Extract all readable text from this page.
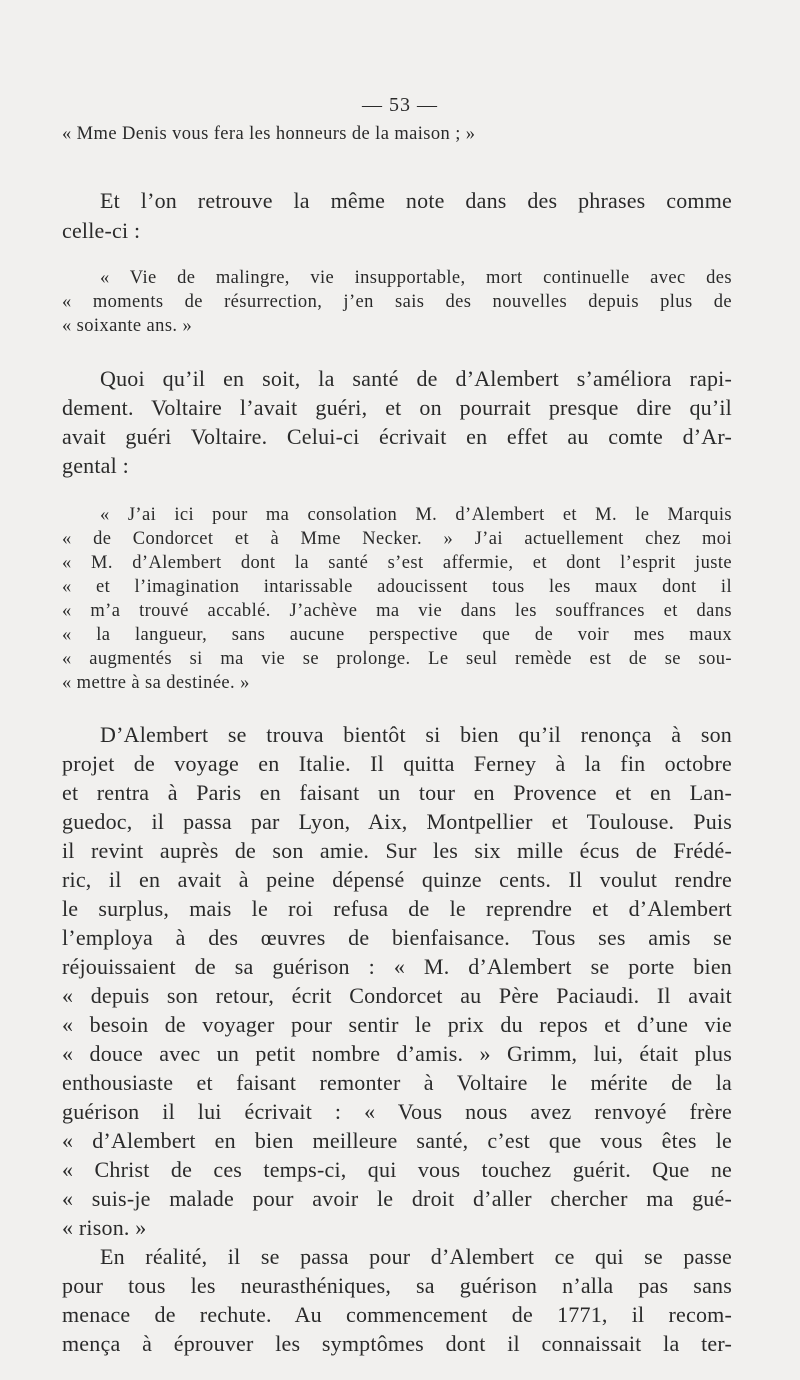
— 53 —
« Mme Denis vous fera les honneurs de la maison ; »
Et l’on retrouve la même note dans des phrases comme
celle-ci :
« Vie de malingre, vie insupportable, mort continuelle avec des
« moments de résurrection, j’en sais des nouvelles depuis plus de
« soixante ans. »
Quoi qu’il en soit, la santé de d’Alembert s’améliora rapi-
dement. Voltaire l’avait guéri, et on pourrait presque dire qu’il
avait guéri Voltaire. Celui-ci écrivait en effet au comte d’Ar-
gental :
« J’ai ici pour ma consolation M. d’Alembert et M. le Marquis
« de Condorcet et à Mme Necker. » J’ai actuellement chez moi
« M. d’Alembert dont la santé s’est affermie, et dont l’esprit juste
« et l’imagination intarissable adoucissent tous les maux dont il
« m’a trouvé accablé. J’achève ma vie dans les souffrances et dans
« la langueur, sans aucune perspective que de voir mes maux
« augmentés si ma vie se prolonge. Le seul remède est de se sou-
« mettre à sa destinée. »
D’Alembert se trouva bientôt si bien qu’il renonça à son
projet de voyage en Italie. Il quitta Ferney à la fin octobre
et rentra à Paris en faisant un tour en Provence et en Lan-
guedoc, il passa par Lyon, Aix, Montpellier et Toulouse. Puis
il revint auprès de son amie. Sur les six mille écus de Frédé-
ric, il en avait à peine dépensé quinze cents. Il voulut rendre
le surplus, mais le roi refusa de le reprendre et d’Alembert
l’employa à des œuvres de bienfaisance. Tous ses amis se
réjouissaient de sa guérison : « M. d’Alembert se porte bien
« depuis son retour, écrit Condorcet au Père Paciaudi. Il avait
« besoin de voyager pour sentir le prix du repos et d’une vie
« douce avec un petit nombre d’amis. » Grimm, lui, était plus
enthousiaste et faisant remonter à Voltaire le mérite de la
guérison il lui écrivait : « Vous nous avez renvoyé frère
« d’Alembert en bien meilleure santé, c’est que vous êtes le
« Christ de ces temps-ci, qui vous touchez guérit. Que ne
« suis-je malade pour avoir le droit d’aller chercher ma gué-
« rison. »
En réalité, il se passa pour d’Alembert ce qui se passe
pour tous les neurasthéniques, sa guérison n’alla pas sans
menace de rechute. Au commencement de 1771, il recom-
mença à éprouver les symptômes dont il connaissait la ter-
